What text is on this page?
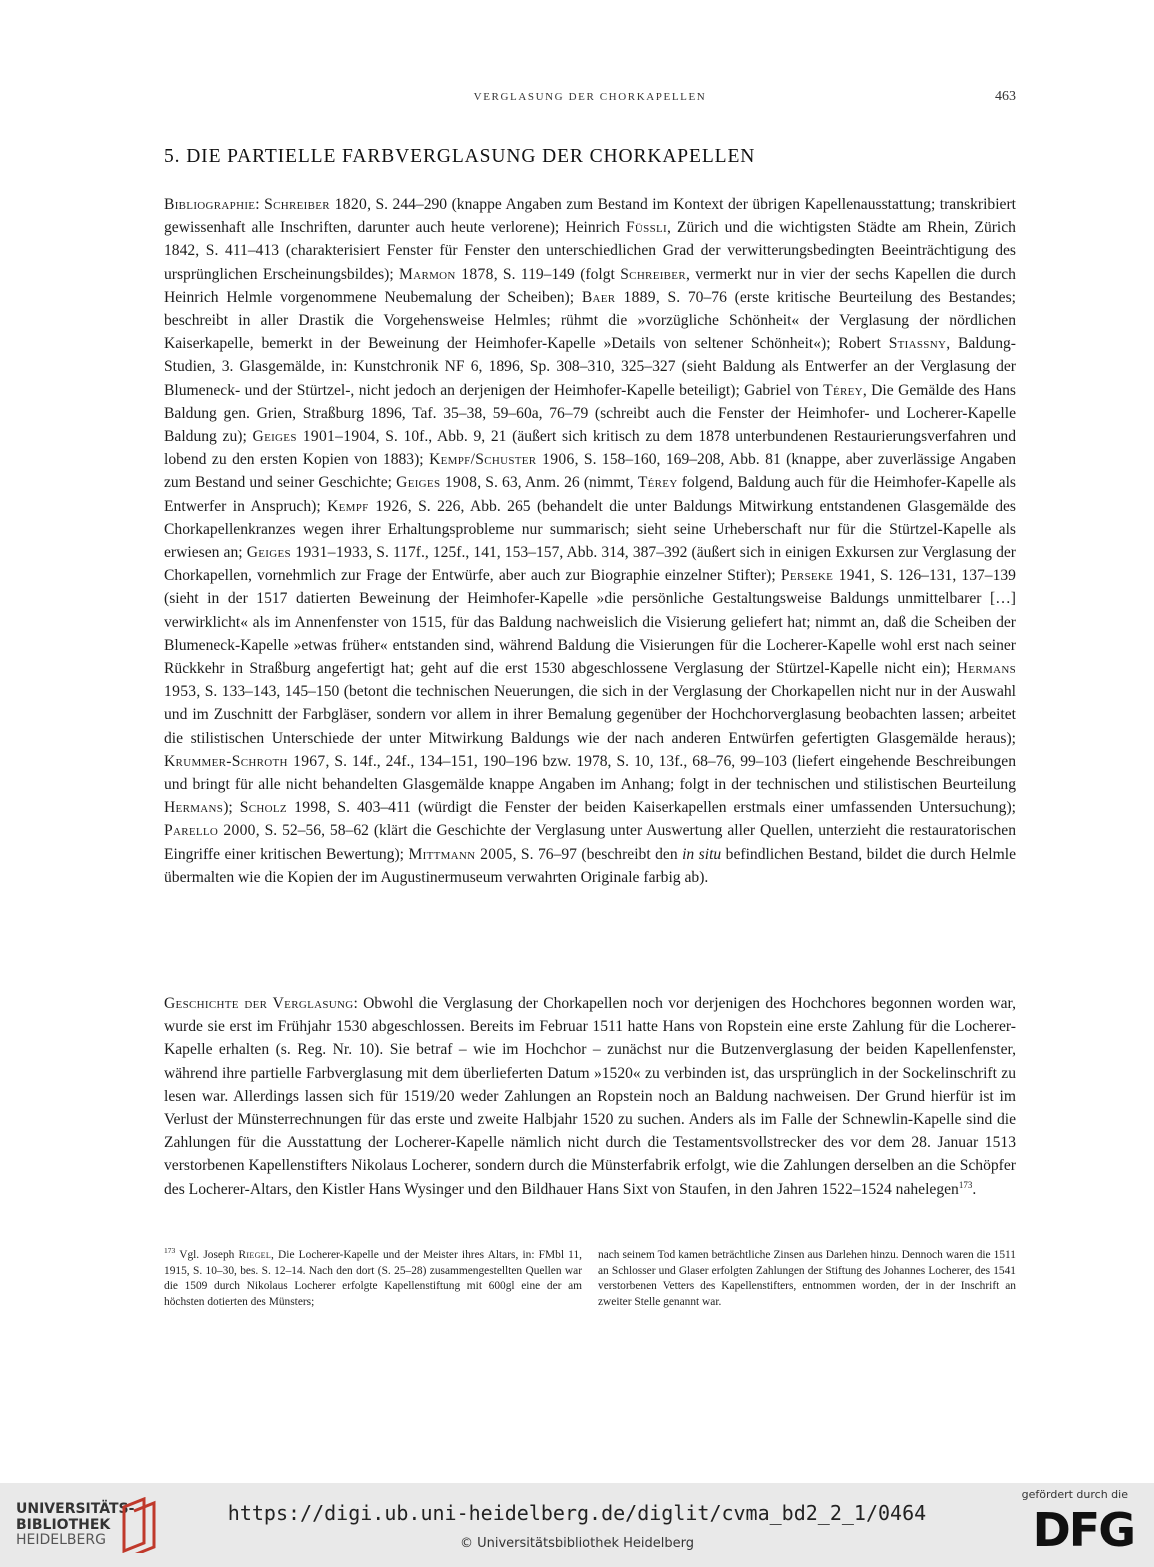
VERGLASUNG DER CHORKAPELLEN	463
5. DIE PARTIELLE FARBVERGLASUNG DER CHORKAPELLEN

Bibliographie: Schreiber 1820, S. 244–290 (knappe Angaben zum Bestand im Kontext der übrigen Kapellenausstattung; transkribiert gewissenhaft alle Inschriften, darunter auch heute verlorene); Heinrich Füssli, Zürich und die wichtigsten Städte am Rhein, Zürich 1842, S. 411–413 (charakterisiert Fenster für Fenster den unterschiedlichen Grad der verwitterungsbedingten Beeinträchtigung des ursprünglichen Erscheinungsbildes); Marmon 1878, S. 119–149 (folgt Schreiber, vermerkt nur in vier der sechs Kapellen die durch Heinrich Helmle vorgenommene Neubemalung der Scheiben); Baer 1889, S. 70–76 (erste kritische Beurteilung des Bestandes; beschreibt in aller Drastik die Vorgehensweise Helmles; rühmt die »vorzügliche Schönheit« der Verglasung der nördlichen Kaiserkapelle, bemerkt in der Beweinung der Heimhofer-Kapelle »Details von seltener Schönheit«); Robert Stiassny, Baldung-Studien, 3. Glasgemälde, in: Kunstchronik NF 6, 1896, Sp. 308–310, 325–327 (sieht Baldung als Entwerfer an der Verglasung der Blumeneck- und der Stürtzel-, nicht jedoch an derjenigen der Heimhofer-Kapelle beteiligt); Gabriel von Térey, Die Gemälde des Hans Baldung gen. Grien, Straßburg 1896, Taf. 35–38, 59–60a, 76–79 (schreibt auch die Fenster der Heimhofer- und Locherer-Kapelle Baldung zu); Geiges 1901–1904, S. 10f., Abb. 9, 21 (äußert sich kritisch zu dem 1878 unterbundenen Restaurierungsverfahren und lobend zu den ersten Kopien von 1883); Kempf/Schuster 1906, S. 158–160, 169–208, Abb. 81 (knappe, aber zuverlässige Angaben zum Bestand und seiner Geschichte; Geiges 1908, S. 63, Anm. 26 (nimmt, Térey folgend, Baldung auch für die Heimhofer-Kapelle als Entwerfer in Anspruch); Kempf 1926, S. 226, Abb. 265 (behandelt die unter Baldungs Mitwirkung entstandenen Glasgemälde des Chorkapellenkranzes wegen ihrer Erhaltungsprobleme nur summarisch; sieht seine Urheberschaft nur für die Stürtzel-Kapelle als erwiesen an; Geiges 1931–1933, S. 117f., 125f., 141, 153–157, Abb. 314, 387–392 (äußert sich in einigen Exkursen zur Verglasung der Chorkapellen, vornehmlich zur Frage der Entwürfe, aber auch zur Biographie einzelner Stifter); Perseke 1941, S. 126–131, 137–139 (sieht in der 1517 datierten Beweinung der Heimhofer-Kapelle »die persönliche Gestaltungsweise Baldungs unmittelbarer […] verwirklicht« als im Annenfenster von 1515, für das Baldung nachweislich die Visierung geliefert hat; nimmt an, daß die Scheiben der Blumeneck-Kapelle »etwas früher« entstanden sind, während Baldung die Visierungen für die Locherer-Kapelle wohl erst nach seiner Rückkehr in Straßburg angefertigt hat; geht auf die erst 1530 abgeschlossene Verglasung der Stürtzel-Kapelle nicht ein); Hermans 1953, S. 133–143, 145–150 (betont die technischen Neuerungen, die sich in der Verglasung der Chorkapellen nicht nur in der Auswahl und im Zuschnitt der Farbgläser, sondern vor allem in ihrer Bemalung gegenüber der Hochchorverglasung beobachten lassen; arbeitet die stilistischen Unterschiede der unter Mitwirkung Baldungs wie der nach anderen Entwürfen gefertigten Glasgemälde heraus); Krummer-Schroth 1967, S. 14f., 24f., 134–151, 190–196 bzw. 1978, S. 10, 13f., 68–76, 99–103 (liefert eingehende Beschreibungen und bringt für alle nicht behandelten Glasgemälde knappe Angaben im Anhang; folgt in der technischen und stilistischen Beurteilung Hermans); Scholz 1998, S. 403–411 (würdigt die Fenster der beiden Kaiserkapellen erstmals einer umfassenden Untersuchung); Parello 2000, S. 52–56, 58–62 (klärt die Geschichte der Verglasung unter Auswertung aller Quellen, unterzieht die restauratorischen Eingriffe einer kritischen Bewertung); Mittmann 2005, S. 76–97 (beschreibt den in situ befindlichen Bestand, bildet die durch Helmle übermalten wie die Kopien der im Augustinermuseum verwahrten Originale farbig ab).

Geschichte der Verglasung: Obwohl die Verglasung der Chorkapellen noch vor derjenigen des Hochchores begonnen worden war, wurde sie erst im Frühjahr 1530 abgeschlossen. Bereits im Februar 1511 hatte Hans von Ropstein eine erste Zahlung für die Locherer-Kapelle erhalten (s. Reg. Nr. 10). Sie betraf – wie im Hochchor – zunächst nur die Butzenverglasung der beiden Kapellenfenster, während ihre partielle Farbverglasung mit dem überlieferten Datum »1520« zu verbinden ist, das ursprünglich in der Sockelinschrift zu lesen war. Allerdings lassen sich für 1519/20 weder Zahlungen an Ropstein noch an Baldung nachweisen. Der Grund hierfür ist im Verlust der Münsterrechnungen für das erste und zweite Halbjahr 1520 zu suchen. Anders als im Falle der Schnewlin-Kapelle sind die Zahlungen für die Ausstattung der Locherer-Kapelle nämlich nicht durch die Testamentsvollstrecker des vor dem 28. Januar 1513 verstorbenen Kapellenstifters Nikolaus Locherer, sondern durch die Münsterfabrik erfolgt, wie die Zahlungen derselben an die Schöpfer des Locherer-Altars, den Kistler Hans Wysinger und den Bildhauer Hans Sixt von Staufen, in den Jahren 1522–1524 nahelegen$^{173}$.

$^{173}$ Vgl. Joseph Riegel, Die Locherer-Kapelle und der Meister ihres Altars, in: FMbl 11, 1915, S. 10–30, bes. S. 12–14. Nach den dort (S. 25–28) zusammengestellten Quellen war die 1509 durch Nikolaus Locherer erfolgte Kapellenstiftung mit 600gl eine der am höchsten dotierten des Münsters;

nach seinem Tod kamen beträchtliche Zinsen aus Darlehen hinzu. Dennoch waren die 1511 an Schlosser und Glaser erfolgten Zahlungen der Stiftung des Johannes Locherer, des 1541 verstorbenen Vetters des Kapellenstifters, entnommen worden, der in der Inschrift an zweiter Stelle genannt war.

UNIVERSITÄTS-
BIBLIOTHEK
HEIDELBERG
https://digi.ub.uni-heidelberg.de/diglit/cvma_bd2_2_1/0464
© Universitätsbibliothek Heidelberg
gefördert durch die
DFG
